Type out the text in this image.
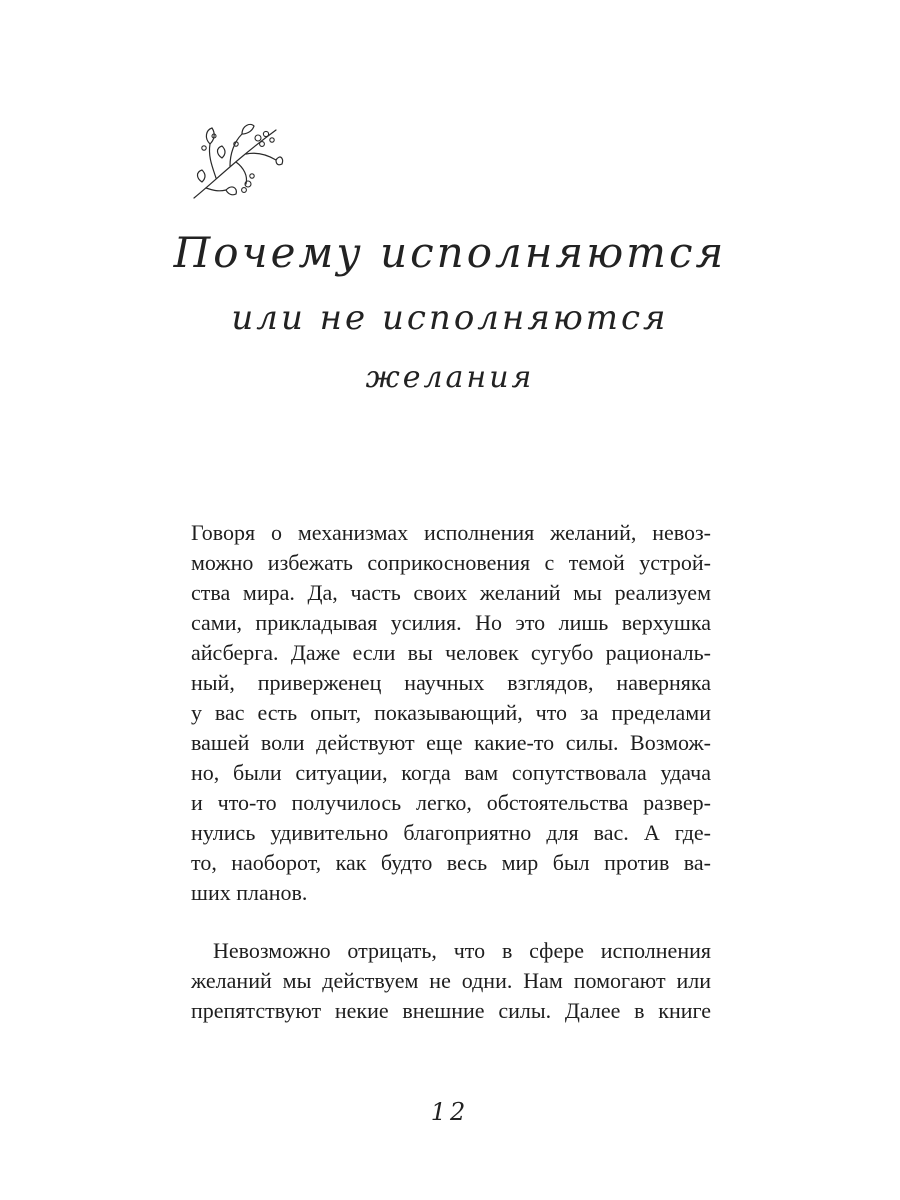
Почему исполняются
или не исполняются
желания
Говоря о механизмах исполнения желаний, невоз-
можно избежать соприкосновения с темой устрой-
ства мира. Да, часть своих желаний мы реализуем
сами, прикладывая усилия. Но это лишь верхушка
айсберга. Даже если вы человек сугубо рациональ-
ный, приверженец научных взглядов, наверняка
у вас есть опыт, показывающий, что за пределами
вашей воли действуют еще какие-то силы. Возмож-
но, были ситуации, когда вам сопутствовала удача
и что-то получилось легко, обстоятельства развер-
нулись удивительно благоприятно для вас. А где-
то, наоборот, как будто весь мир был против ва-
ших планов.
Невозможно отрицать, что в сфере исполнения
желаний мы действуем не одни. Нам помогают или
препятствуют некие внешние силы. Далее в книге
12
